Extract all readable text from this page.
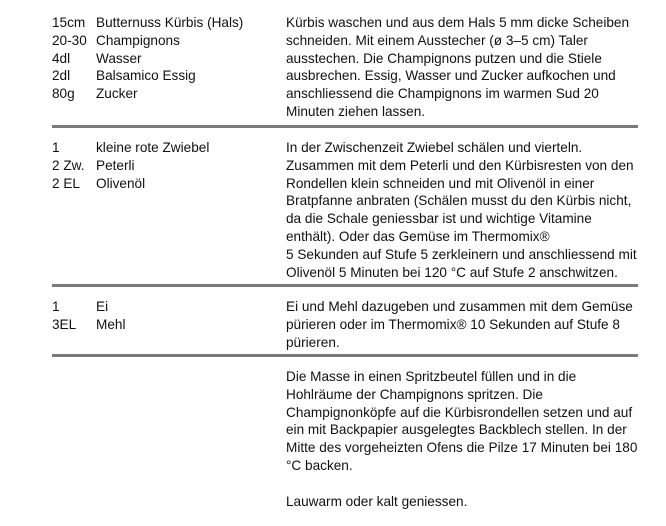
15cm Butternuss Kürbis (Hals)
20-30 Champignons
4dl	Wasser
2dl	Balsamico Essig
80g	Zucker

Kürbis waschen und aus dem Hals 5 mm dicke Scheiben schneiden. Mit einem Ausstecher (ø 3–5 cm) Taler ausstechen. Die Champignons putzen und die Stiele ausbrechen. Essig, Wasser und Zucker aufkochen und anschliessend die Champignons im warmen Sud 20 Minuten ziehen lassen.

1	kleine rote Zwiebel
2 Zw. Peterli
2 EL	Olivenöl

In der Zwischenzeit Zwiebel schälen und vierteln. Zusammen mit dem Peterli und den Kürbisresten von den Rondellen klein schneiden und mit Olivenöl in einer Bratpfanne anbraten (Schälen musst du den Kürbis nicht, da die Schale geniessbar ist und wichtige Vitamine enthält). Oder das Gemüse im Thermomix®

5 Sekunden auf Stufe 5 zerkleinern und anschliessend mit Olivenöl 5 Minuten bei 120 °C auf Stufe 2 anschwitzen.

1	Ei
3EL	Mehl

Ei und Mehl dazugeben und zusammen mit dem Gemüse pürieren oder im Thermomix® 10 Sekunden auf Stufe 8 pürieren.

Die Masse in einen Spritzbeutel füllen und in die Hohlräume der Champignons spritzen. Die Champignonköpfe auf die Kürbisrondellen setzen und auf ein mit Backpapier ausgelegtes Backblech stellen. In der Mitte des vorgeheizten Ofens die Pilze 17 Minuten bei 180 °C backen.

Lauwarm oder kalt geniessen.
